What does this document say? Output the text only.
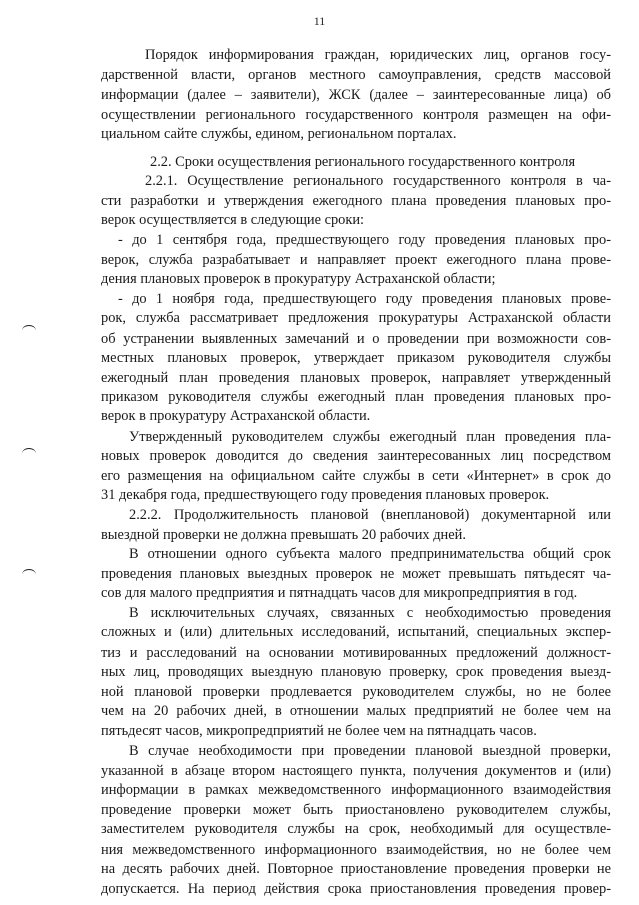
11
Порядок информирования граждан, юридических лиц, органов госу-
дарственной власти, органов местного самоуправления, средств массовой
информации (далее – заявители), ЖСК (далее – заинтересованные лица) об
осуществлении регионального государственного контроля размещен на офи-
циальном сайте службы, едином, региональном порталах.
2.2. Сроки осуществления регионального государственного контроля
2.2.1. Осуществление регионального государственного контроля в ча-
сти разработки и утверждения ежегодного плана проведения плановых про-
верок осуществляется в следующие сроки:
- до 1 сентября года, предшествующего году проведения плановых про-
верок, служба разрабатывает и направляет проект ежегодного плана прове-
дения плановых проверок в прокуратуру Астраханской области;
- до 1 ноября года, предшествующего году проведения плановых прове-
рок, служба рассматривает предложения прокуратуры Астраханской области
об устранении выявленных замечаний и о проведении при возможности сов-
местных плановых проверок, утверждает приказом руководителя службы
ежегодный план проведения плановых проверок, направляет утвержденный
приказом руководителя службы ежегодный план проведения плановых про-
верок в прокуратуру Астраханской области.
Утвержденный руководителем службы ежегодный план проведения пла-
новых проверок доводится до сведения заинтересованных лиц посредством
его размещения на официальном сайте службы в сети «Интернет» в срок до
31 декабря года, предшествующего году проведения плановых проверок.
2.2.2. Продолжительность плановой (внеплановой) документарной или
выездной проверки не должна превышать 20 рабочих дней.
В отношении одного субъекта малого предпринимательства общий срок
проведения плановых выездных проверок не может превышать пятьдесят ча-
сов для малого предприятия и пятнадцать часов для микропредприятия в год.
В исключительных случаях, связанных с необходимостью проведения
сложных и (или) длительных исследований, испытаний, специальных экспер-
тиз и расследований на основании мотивированных предложений должност-
ных лиц, проводящих выездную плановую проверку, срок проведения выезд-
ной плановой проверки продлевается руководителем службы, но не более
чем на 20 рабочих дней, в отношении малых предприятий не более чем на
пятьдесят часов, микропредприятий не более чем на пятнадцать часов.
В случае необходимости при проведении плановой выездной проверки,
указанной в абзаце втором настоящего пункта, получения документов и (или)
информации в рамках межведомственного информационного взаимодействия
проведение проверки может быть приостановлено руководителем службы,
заместителем руководителя службы на срок, необходимый для осуществле-
ния межведомственного информационного взаимодействия, но не более чем
на десять рабочих дней. Повторное приостановление проведения проверки не
допускается. На период действия срока приостановления проведения провер-
